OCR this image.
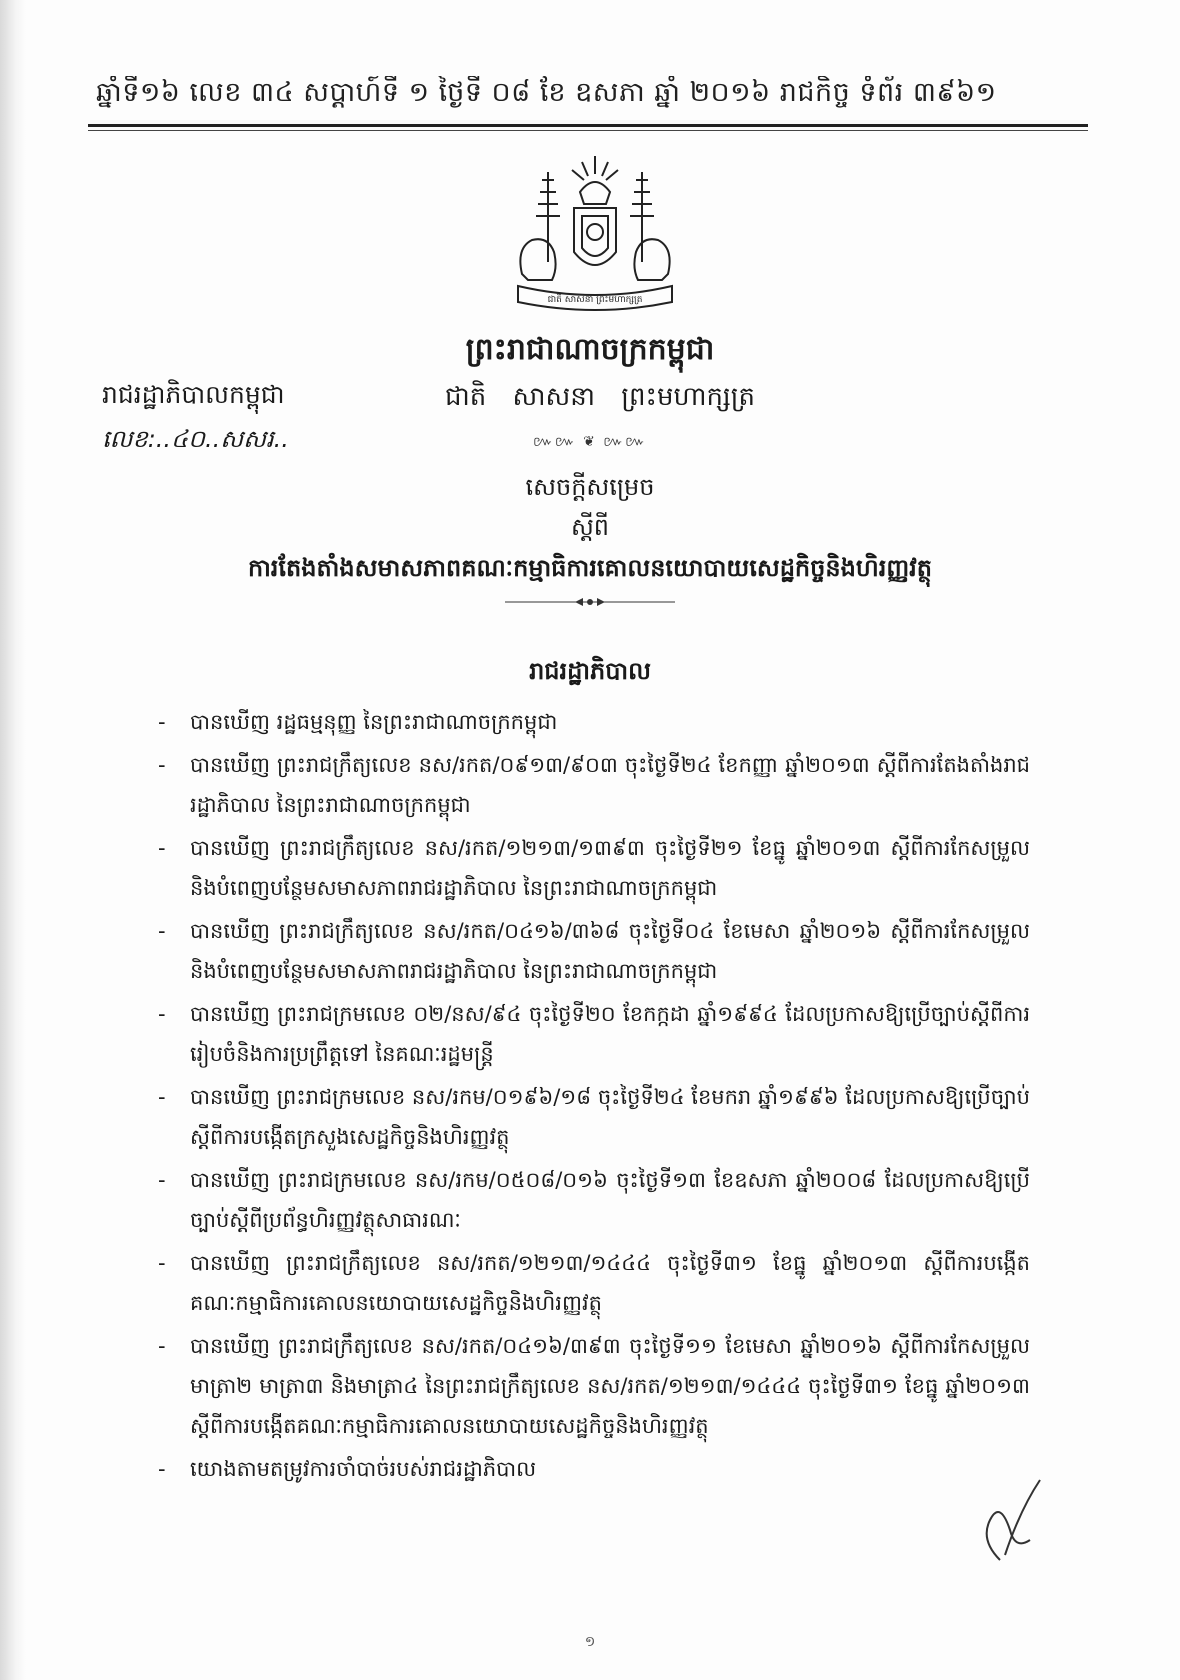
ឆ្នាំទី១៦ លេខ ៣៤ សប្តាហ៍ទី ១ ថ្ងៃទី ០៨ ខែ ឧសភា ឆ្នាំ ២០១៦ រាជកិច្ច ទំព័រ ៣៩៦១
ជាតិ សាសនា ព្រះមហាក្សត្រ
ព្រះរាជាណាចក្រកម្ពុជា
រាជរដ្ឋាភិបាលកម្ពុជា	ជាតិ សាសនា ព្រះមហាក្សត្រ
លេខ:..៤០..សសរ..	៚៚ ❦ ៚៚
សេចក្តីសម្រេច
ស្តីពី
ការតែងតាំងសមាសភាពគណៈកម្មាធិការគោលនយោបាយសេដ្ឋកិច្ចនិងហិរញ្ញវត្ថុ
រាជរដ្ឋាភិបាល
- បានឃើញ រដ្ឋធម្មនុញ្ញ នៃព្រះរាជាណាចក្រកម្ពុជា
- បានឃើញ ព្រះរាជក្រឹត្យលេខ នស/រកត/០៩១៣/៩០៣ ចុះថ្ងៃទី២៤ ខែកញ្ញា ឆ្នាំ២០១៣ ស្តីពីការតែងតាំងរាជរដ្ឋាភិបាល នៃព្រះរាជាណាចក្រកម្ពុជា
- បានឃើញ ព្រះរាជក្រឹត្យលេខ នស/រកត/១២១៣/១៣៩៣ ចុះថ្ងៃទី២១ ខែធ្នូ ឆ្នាំ២០១៣ ស្តីពីការកែសម្រួលនិងបំពេញបន្ថែមសមាសភាពរាជរដ្ឋាភិបាល នៃព្រះរាជាណាចក្រកម្ពុជា
- បានឃើញ ព្រះរាជក្រឹត្យលេខ នស/រកត/០៤១៦/៣៦៨ ចុះថ្ងៃទី០៤ ខែមេសា ឆ្នាំ២០១៦ ស្តីពីការកែសម្រួលនិងបំពេញបន្ថែមសមាសភាពរាជរដ្ឋាភិបាល នៃព្រះរាជាណាចក្រកម្ពុជា
- បានឃើញ ព្រះរាជក្រមលេខ ០២/នស/៩៤ ចុះថ្ងៃទី២០ ខែកក្កដា ឆ្នាំ១៩៩៤ ដែលប្រកាសឱ្យប្រើច្បាប់ស្តីពីការរៀបចំនិងការប្រព្រឹត្តទៅ នៃគណៈរដ្ឋមន្ត្រី
- បានឃើញ ព្រះរាជក្រមលេខ នស/រកម/០១៩៦/១៨ ចុះថ្ងៃទី២៤ ខែមករា ឆ្នាំ១៩៩៦ ដែលប្រកាសឱ្យប្រើច្បាប់ស្តីពីការបង្កើតក្រសួងសេដ្ឋកិច្ចនិងហិរញ្ញវត្ថុ
- បានឃើញ ព្រះរាជក្រមលេខ នស/រកម/០៥០៨/០១៦ ចុះថ្ងៃទី១៣ ខែឧសភា ឆ្នាំ២០០៨ ដែលប្រកាសឱ្យប្រើច្បាប់ស្តីពីប្រព័ន្ធហិរញ្ញវត្ថុសាធារណៈ
- បានឃើញ ព្រះរាជក្រឹត្យលេខ នស/រកត/១២១៣/១៤៤៤ ចុះថ្ងៃទី៣១ ខែធ្នូ ឆ្នាំ២០១៣ ស្តីពីការបង្កើតគណៈកម្មាធិការគោលនយោបាយសេដ្ឋកិច្ចនិងហិរញ្ញវត្ថុ
- បានឃើញ ព្រះរាជក្រឹត្យលេខ នស/រកត/០៤១៦/៣៩៣ ចុះថ្ងៃទី១១ ខែមេសា ឆ្នាំ២០១៦ ស្តីពីការកែសម្រួលមាត្រា២ មាត្រា៣ និងមាត្រា៤ នៃព្រះរាជក្រឹត្យលេខ នស/រកត/១២១៣/១៤៤៤ ចុះថ្ងៃទី៣១ ខែធ្នូ ឆ្នាំ២០១៣ ស្តីពីការបង្កើតគណៈកម្មាធិការគោលនយោបាយសេដ្ឋកិច្ចនិងហិរញ្ញវត្ថុ
- យោងតាមតម្រូវការចាំបាច់របស់រាជរដ្ឋាភិបាល
១
